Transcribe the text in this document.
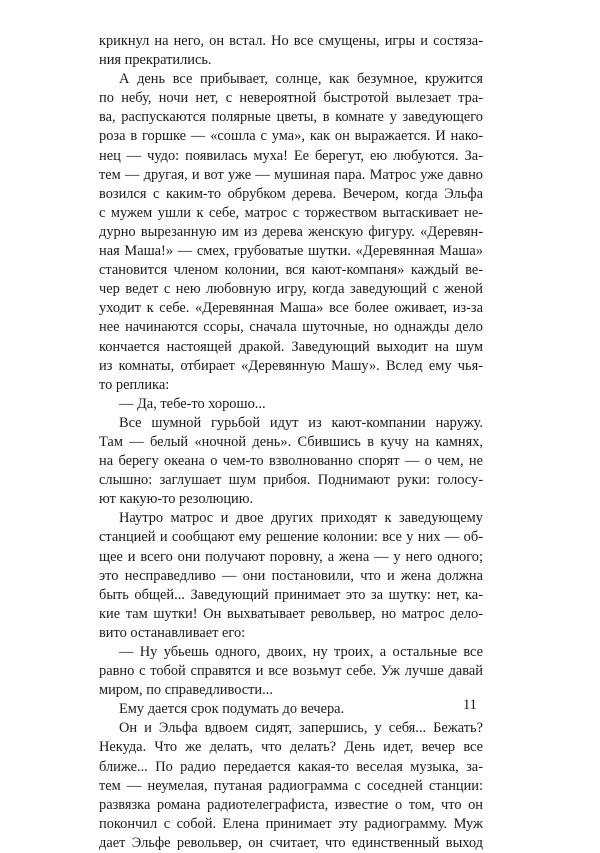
крикнул на него, он встал. Но все смущены, игры и состяза-
ния прекратились.
А день все прибывает, солнце, как безумное, кружится
по небу, ночи нет, с невероятной быстротой вылезает тра-
ва, распускаются полярные цветы, в комнате у заведующего
роза в горшке — «сошла с ума», как он выражается. И нако-
нец — чудо: появилась муха! Ее берегут, ею любуются. За-
тем — другая, и вот уже — мушиная пара. Матрос уже давно
возился с каким-то обрубком дерева. Вечером, когда Эльфа
с мужем ушли к себе, матрос с торжеством вытаскивает не-
дурно вырезанную им из дерева женскую фигуру. «Деревян-
ная Маша!» — смех, грубоватые шутки. «Деревянная Маша»
становится членом колонии, вся кают-компаня» каждый ве-
чер ведет с нею любовную игру, когда заведующий с женой
уходит к себе. «Деревянная Маша» все более оживает, из-за
нее начинаются ссоры, сначала шуточные, но однажды дело
кончается настоящей дракой. Заведующий выходит на шум
из комнаты, отбирает «Деревянную Машу». Вслед ему чья-
то реплика:
— Да, тебе-то хорошо...
Все шумной гурьбой идут из кают-компании наружу.
Там — белый «ночной день». Сбившись в кучу на камнях,
на берегу океана о чем-то взволнованно спорят — о чем, не
слышно: заглушает шум прибоя. Поднимают руки: голосу-
ют какую-то резолюцию.
Наутро матрос и двое других приходят к заведующему
станцией и сообщают ему решение колонии: все у них — об-
щее и всего они получают поровну, а жена — у него одного;
это несправедливо — они постановили, что и жена должна
быть общей... Заведующий принимает это за шутку: нет, ка-
кие там шутки! Он выхватывает револьвер, но матрос дело-
вито останавливает его:
— Ну убьешь одного, двоих, ну троих, а остальные все
равно с тобой справятся и все возьмут себе. Уж лучше давай
миром, по справедливости...
Ему дается срок подумать до вечера.
Он и Эльфа вдвоем сидят, запершись, у себя... Бежать?
Некуда. Что же делать, что делать? День идет, вечер все
ближе... По радио передается какая-то веселая музыка, за-
тем — неумелая, путаная радиограмма с соседней станции:
развязка романа радиотелеграфиста, известие о том, что он
покончил с собой. Елена принимает эту радиограмму. Муж
дает Эльфе револьвер, он считает, что единственный выход
11
